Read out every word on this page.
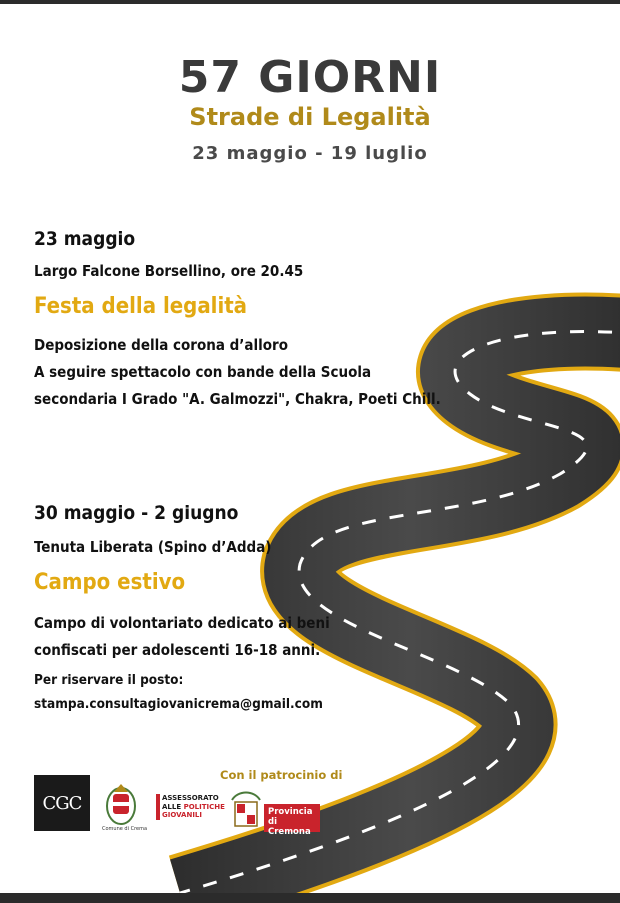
57 GIORNI
Strade di Legalità
23 maggio - 19 luglio
23 maggio
Largo Falcone Borsellino, ore 20.45
Festa della legalità
Deposizione della corona d’alloro
A seguire spettacolo con bande della Scuola
secondaria I Grado "A. Galmozzi", Chakra, Poeti Chill.
30 maggio - 2 giugno
Tenuta Liberata (Spino d’Adda)
Campo estivo
Campo di volontariato dedicato ai beni
confiscati per adolescenti 16-18 anni.
Per riservare il posto:
stampa.consultagiovanicrema@gmail.com
CGC
Comune di Crema
ASSESSORATO
ALLE POLITICHE
GIOVANILI
Con il patrocinio di
Provincia
di Cremona
